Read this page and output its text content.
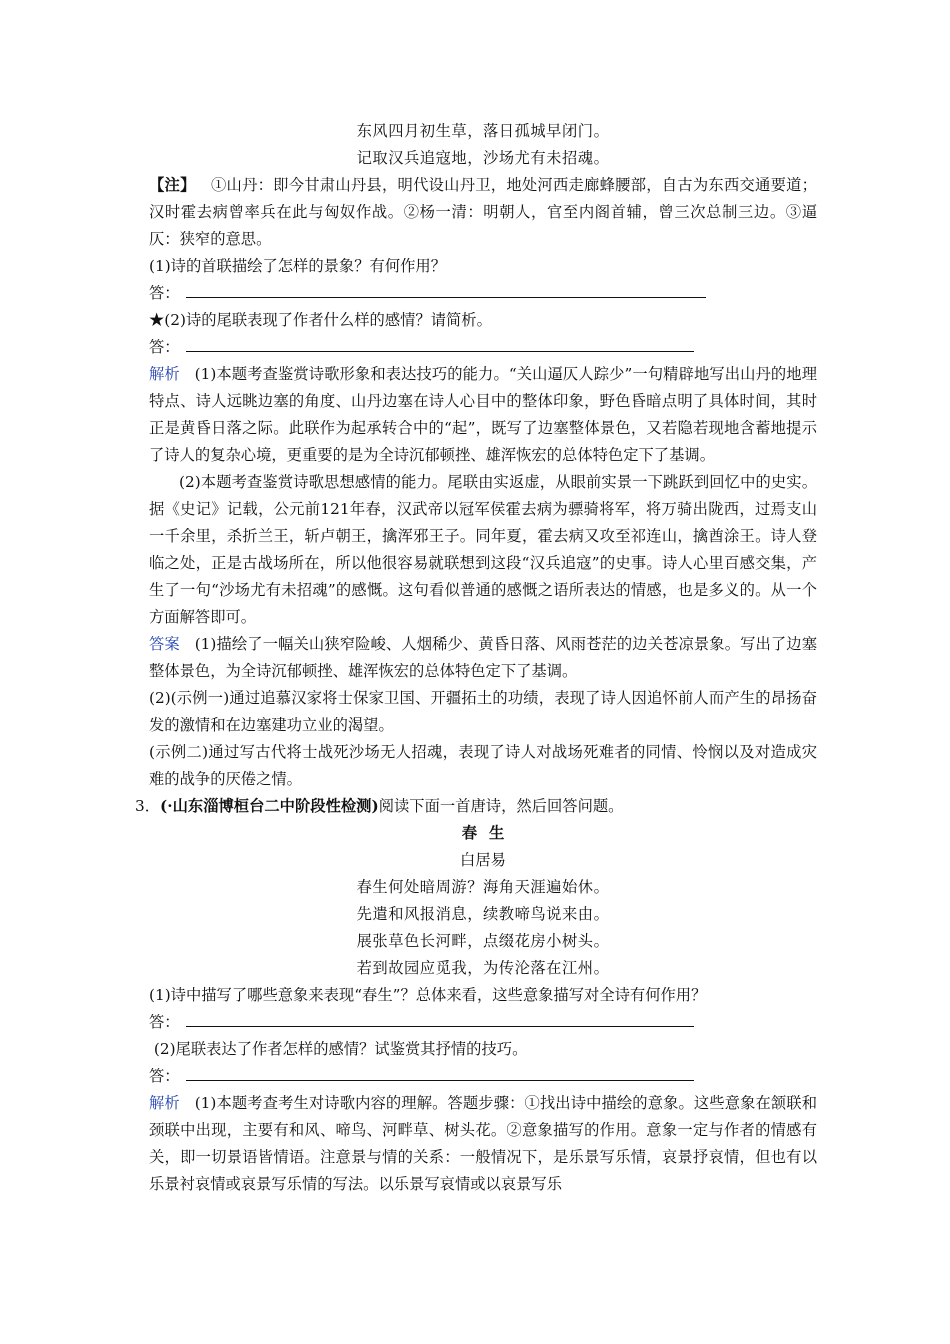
东风四月初生草，落日孤城早闭门。
记取汉兵追寇地，沙场尤有未招魂。
【注】 ①山丹：即今甘肃山丹县，明代设山丹卫，地处河西走廊蜂腰部，自古为东西交通要道；汉时霍去病曾率兵在此与匈奴作战。②杨一清：明朝人，官至内阁首辅，曾三次总制三边。③逼仄：狭窄的意思。
(1)诗的首联描绘了怎样的景象？有何作用？
答：
★(2)诗的尾联表现了作者什么样的感情？请简析。
答：
解析 (1)本题考查鉴赏诗歌形象和表达技巧的能力。“关山逼仄人踪少”一句精辟地写出山丹的地理特点、诗人远眺边塞的角度、山丹边塞在诗人心目中的整体印象，野色昏暗点明了具体时间，其时正是黄昏日落之际。此联作为起承转合中的“起”，既写了边塞整体景色，又若隐若现地含蓄地提示了诗人的复杂心境，更重要的是为全诗沉郁顿挫、雄浑恢宏的总体特色定下了基调。
(2)本题考查鉴赏诗歌思想感情的能力。尾联由实返虚，从眼前实景一下跳跃到回忆中的史实。据《史记》记载，公元前121年春，汉武帝以冠军侯霍去病为骠骑将军，将万骑出陇西，过焉支山一千余里，杀折兰王，斩卢朝王，擒浑邪王子。同年夏，霍去病又攻至祁连山，擒酋涂王。诗人登临之处，正是古战场所在，所以他很容易就联想到这段“汉兵追寇”的史事。诗人心里百感交集，产生了一句“沙场尤有未招魂”的感慨。这句看似普通的感慨之语所表达的情感，也是多义的。从一个方面解答即可。
答案 (1)描绘了一幅关山狭窄险峻、人烟稀少、黄昏日落、风雨苍茫的边关苍凉景象。写出了边塞整体景色，为全诗沉郁顿挫、雄浑恢宏的总体特色定下了基调。
(2)(示例一)通过追慕汉家将士保家卫国、开疆拓土的功绩，表现了诗人因追怀前人而产生的昂扬奋发的激情和在边塞建功立业的渴望。
(示例二)通过写古代将士战死沙场无人招魂，表现了诗人对战场死难者的同情、怜悯以及对造成灾难的战争的厌倦之情。
3．(·山东淄博桓台二中阶段性检测)阅读下面一首唐诗，然后回答问题。
春生
白居易
春生何处暗周游？海角天涯遍始休。
先遣和风报消息，续教啼鸟说来由。
展张草色长河畔，点缀花房小树头。
若到故园应觅我，为传沦落在江州。
(1)诗中描写了哪些意象来表现“春生”？总体来看，这些意象描写对全诗有何作用？
答：
(2)尾联表达了作者怎样的感情？试鉴赏其抒情的技巧。
答：
解析 (1)本题考查考生对诗歌内容的理解。答题步骤：①找出诗中描绘的意象。这些意象在颔联和颈联中出现，主要有和风、啼鸟、河畔草、树头花。②意象描写的作用。意象一定与作者的情感有关，即一切景语皆情语。注意景与情的关系：一般情况下，是乐景写乐情，哀景抒哀情，但也有以乐景衬哀情或哀景写乐情的写法。以乐景写哀情或以哀景写乐
